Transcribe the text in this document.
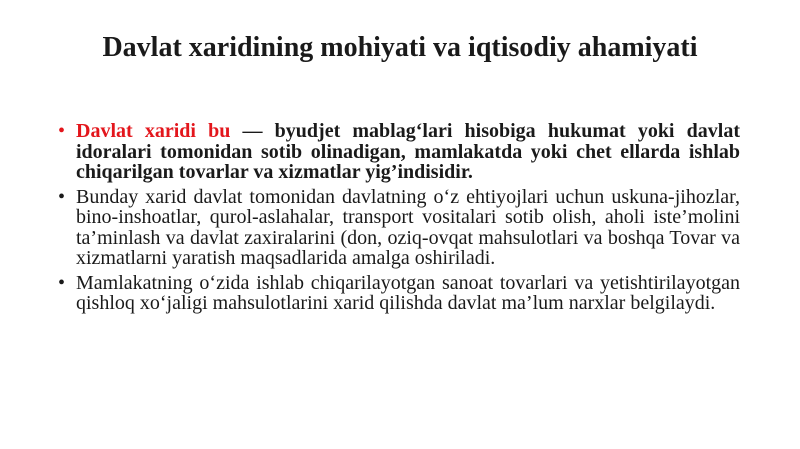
Davlat xaridining mohiyati va iqtisodiy ahamiyati
• Davlat xaridi bu — byudjet mablag‘lari hisobiga hukumat yoki davlat idoralari tomonidan sotib olinadigan, mamlakatda yoki chet ellarda ishlab chiqarilgan tovarlar va xizmatlar yig’indisidir.
• Bunday xarid davlat tomonidan davlatning o‘z ehtiyojlari uchun uskuna-jihozlar, bino-inshoatlar, qurol-aslahalar, transport vositalari sotib olish, aholi iste’molini ta’minlash va davlat zaxiralarini (don, oziq-ovqat mahsulotlari va boshqa Tovar va xizmatlarni yaratish maqsadlarida amalga oshiriladi.
• Mamlakatning o‘zida ishlab chiqarilayotgan sanoat tovarlari va yetishtirilayotgan qishloq xo‘jaligi mahsulotlarini xarid qilishda davlat ma’lum narxlar belgilaydi.
